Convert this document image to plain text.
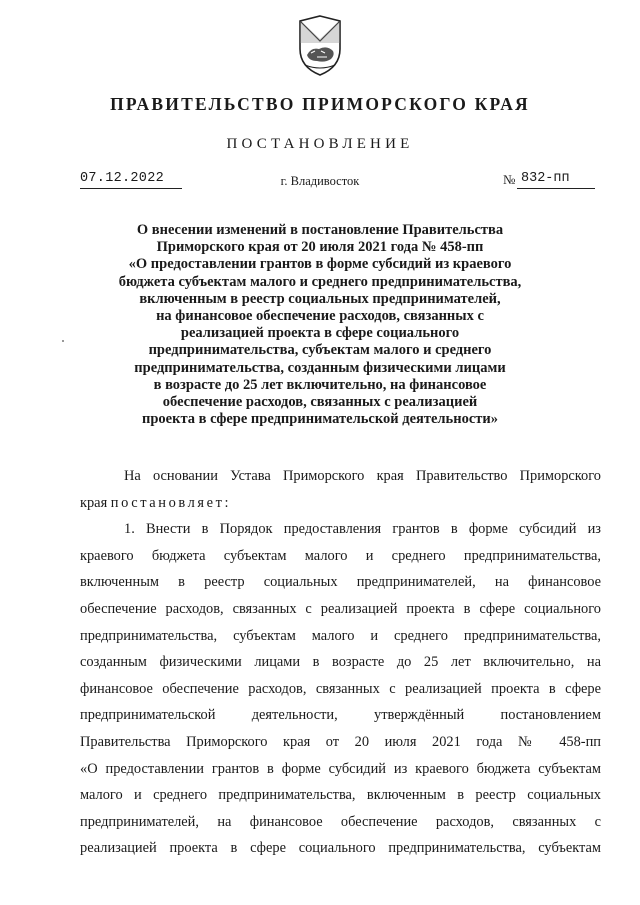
ПРАВИТЕЛЬСТВО ПРИМОРСКОГО КРАЯ
ПОСТАНОВЛЕНИЕ
07.12.2022	г. Владивосток	№ 832-пп
О внесении изменений в постановление Правительства
Приморского края от 20 июля 2021 года № 458-пп
«О предоставлении грантов в форме субсидий из краевого
бюджета субъектам малого и среднего предпринимательства,
включенным в реестр социальных предпринимателей,
на финансовое обеспечение расходов, связанных с
реализацией проекта в сфере социального
предпринимательства, субъектам малого и среднего
предпринимательства, созданным физическими лицами
в возрасте до 25 лет включительно, на финансовое
обеспечение расходов, связанных с реализацией
проекта в сфере предпринимательской деятельности»
На основании Устава Приморского края Правительство Приморского
края постановляет:
1. Внести в Порядок предоставления грантов в форме субсидий из
краевого бюджета субъектам малого и среднего предпринимательства,
включенным в реестр социальных предпринимателей, на финансовое
обеспечение расходов, связанных с реализацией проекта в сфере социального
предпринимательства, субъектам малого и среднего предпринимательства,
созданным физическими лицами в возрасте до 25 лет включительно, на
финансовое обеспечение расходов, связанных с реализацией проекта в сфере
предпринимательской деятельности, утверждённый постановлением
Правительства Приморского края от 20 июля 2021 года № 458-пп
«О предоставлении грантов в форме субсидий из краевого бюджета субъектам
малого и среднего предпринимательства, включенным в реестр социальных
предпринимателей, на финансовое обеспечение расходов, связанных с
реализацией проекта в сфере социального предпринимательства, субъектам
